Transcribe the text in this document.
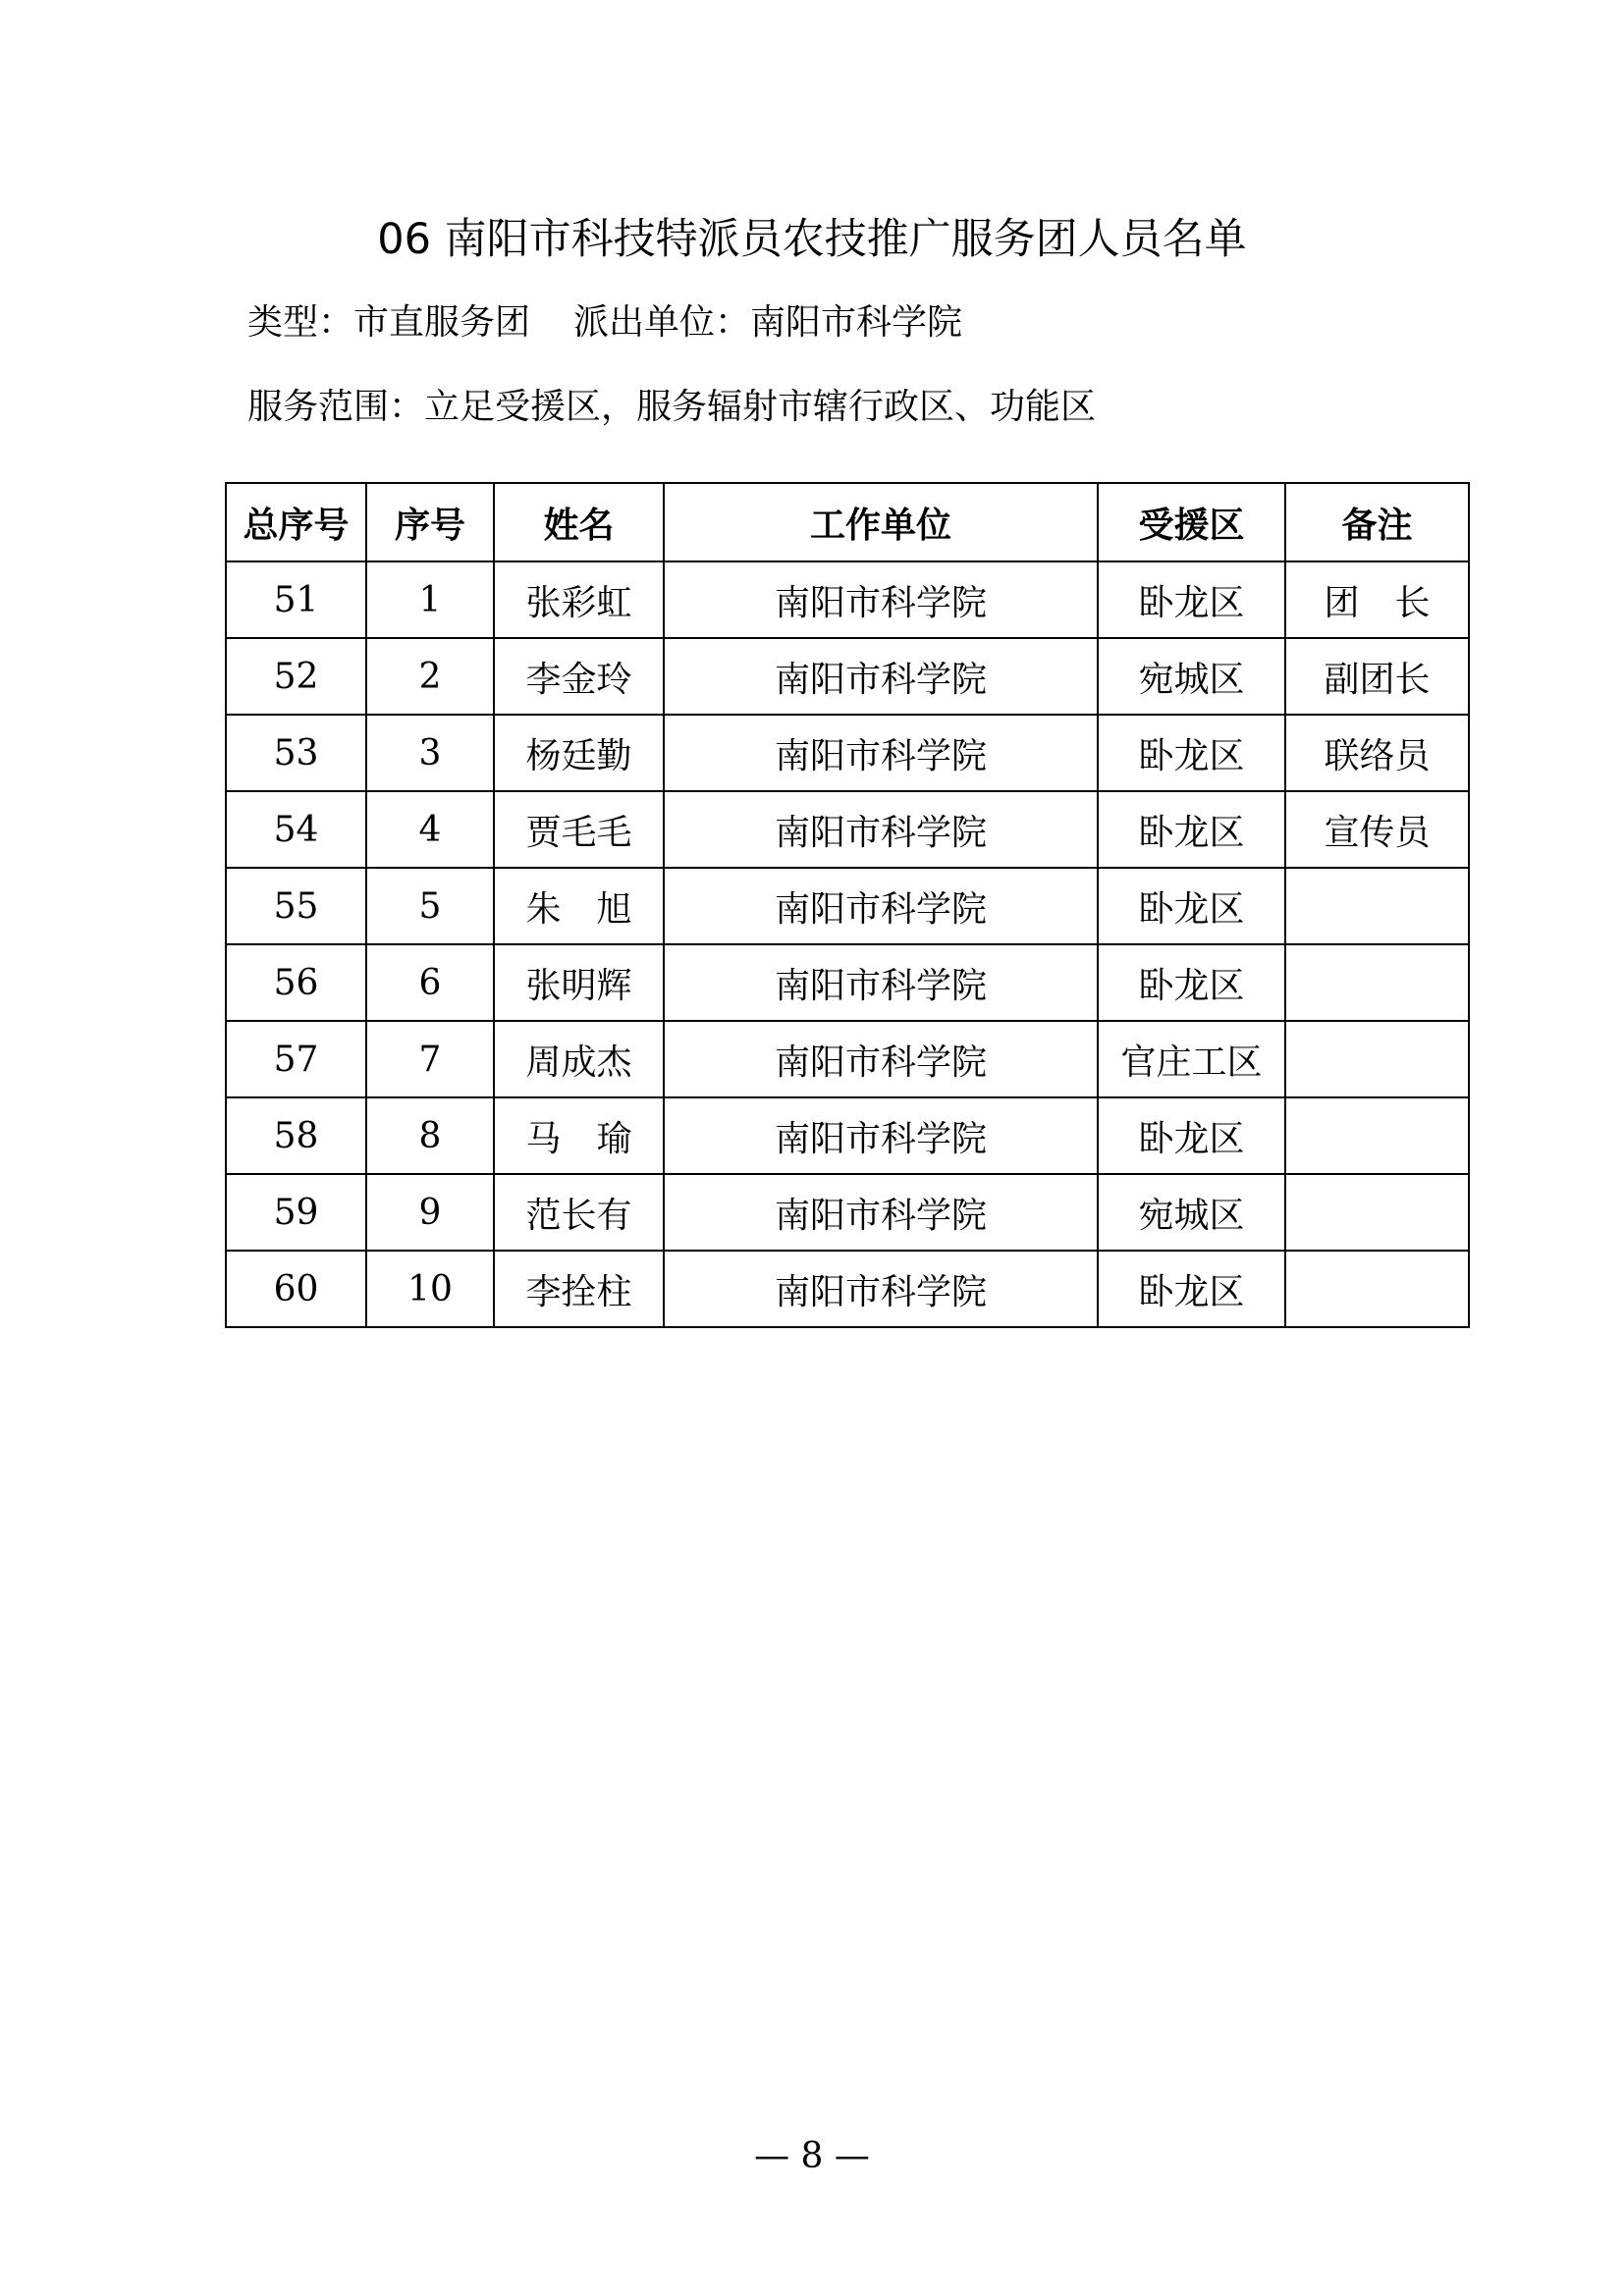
06 南阳市科技特派员农技推广服务团人员名单
类型：市直服务团 派出单位：南阳市科学院
服务范围：立足受援区，服务辐射市辖行政区、功能区
总序号	序号	姓名	工作单位	受援区	备注
51	1	张彩虹	南阳市科学院	卧龙区	团　长
52	2	李金玲	南阳市科学院	宛城区	副团长
53	3	杨廷勤	南阳市科学院	卧龙区	联络员
54	4	贾毛毛	南阳市科学院	卧龙区	宣传员
55	5	朱　旭	南阳市科学院	卧龙区	
56	6	张明辉	南阳市科学院	卧龙区	
57	7	周成杰	南阳市科学院	官庄工区	
58	8	马　瑜	南阳市科学院	卧龙区	
59	9	范长有	南阳市科学院	宛城区	
60	10	李拴柱	南阳市科学院	卧龙区	
— 8 —
